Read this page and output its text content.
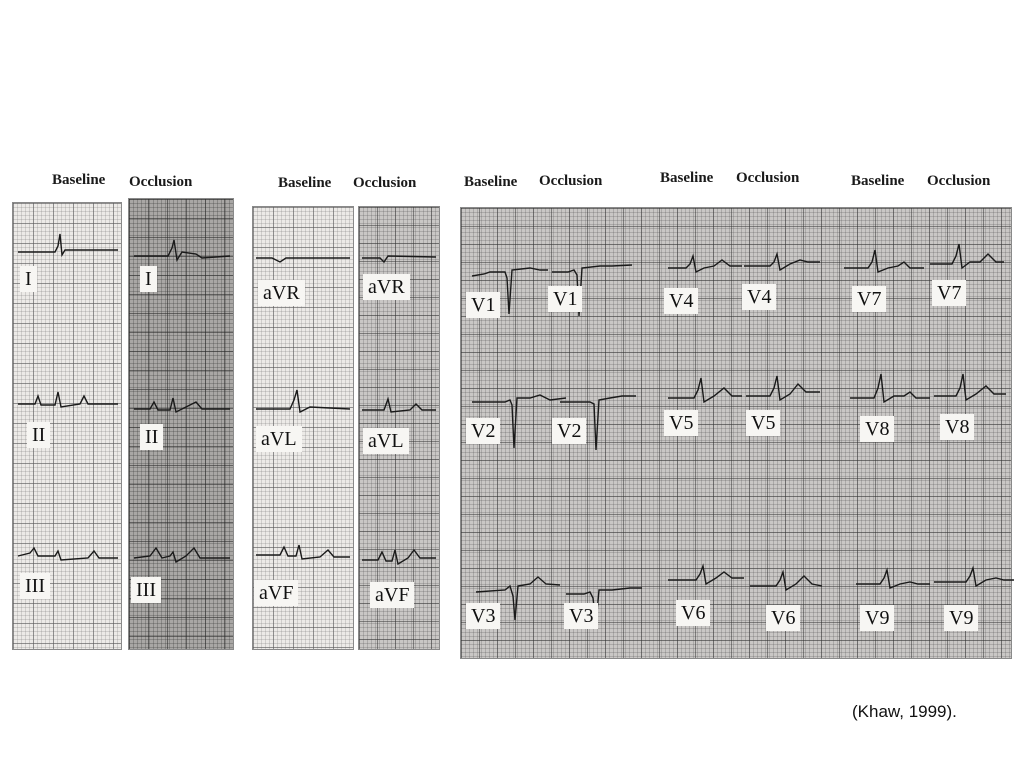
Baseline Occlusion	Baseline Occlusion	Baseline Occlusion	Baseline Occlusion	Baseline Occlusion
I
II
III
I
II
III
aVR
aVL
aVF
aVR
aVL
aVF
V1
V2
V3
V1
V2
V3
V4
V5
V6
V4
V5
V6
V7
V8
V9
V7
V8
V9
(Khaw, 1999).
